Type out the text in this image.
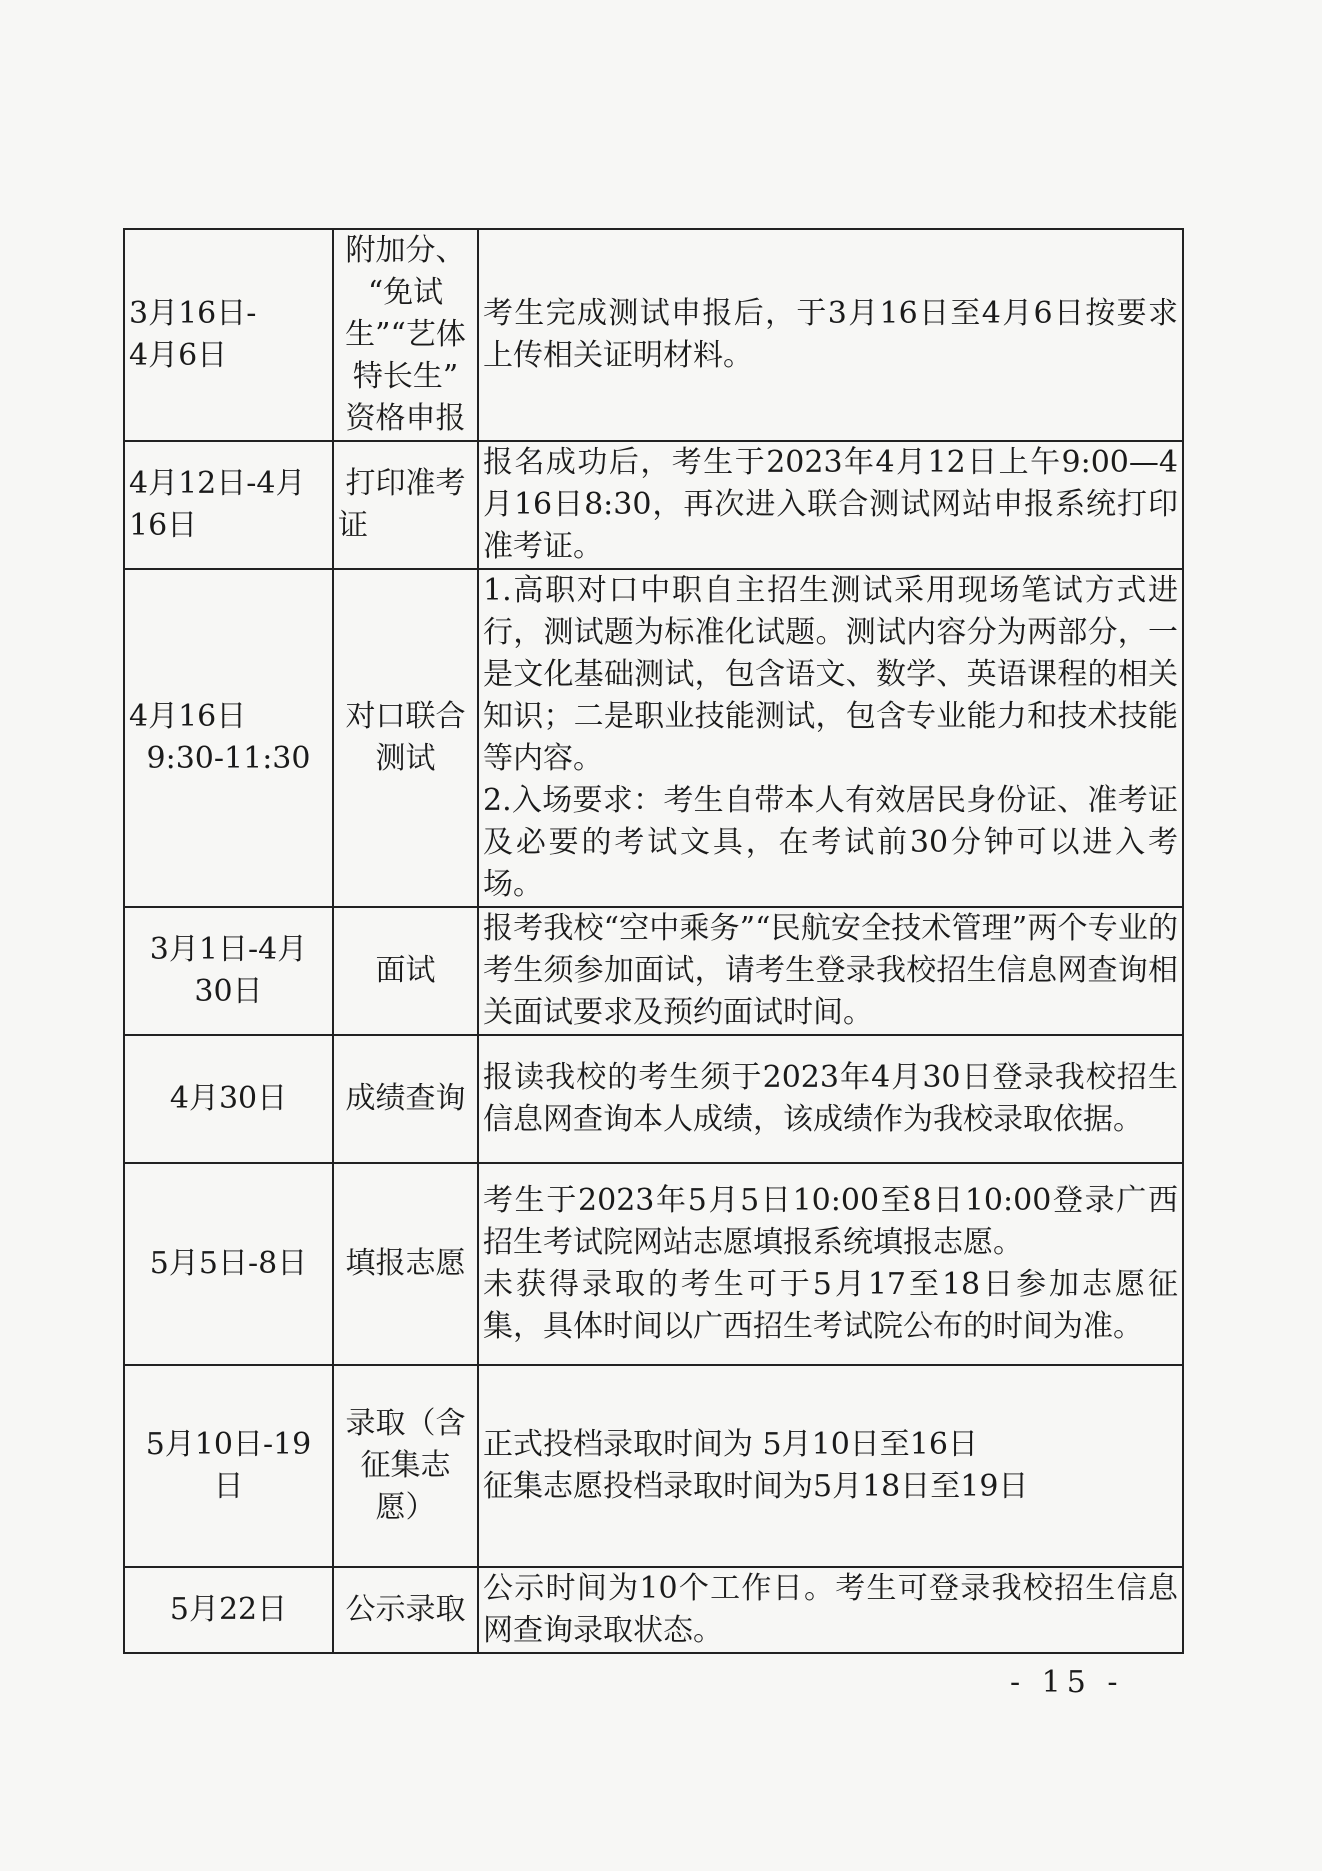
3月16日-
4月6日	附加分、
“免试
生”“艺体
特长生”
资格申报	考生完成测试申报后，于3月16日至4月6日按要求上传相关证明材料。

4月12日-4月
16日	打印准考
证	报名成功后，考生于2023年4月12日上午9:00—4月16日8:30，再次进入联合测试网站申报系统打印准考证。

4月16日
9:30-11:30	对口联合
测试	1.高职对口中职自主招生测试采用现场笔试方式进行，测试题为标准化试题。测试内容分为两部分，一是文化基础测试，包含语文、数学、英语课程的相关知识；二是职业技能测试，包含专业能力和技术技能等内容。
2.入场要求：考生自带本人有效居民身份证、准考证及必要的考试文具，在考试前30分钟可以进入考场。

3月1日-4月
30日	面试	报考我校“空中乘务”“民航安全技术管理”两个专业的考生须参加面试，请考生登录我校招生信息网查询相关面试要求及预约面试时间。

4月30日	成绩查询	报读我校的考生须于2023年4月30日登录我校招生信息网查询本人成绩，该成绩作为我校录取依据。

5月5日-8日	填报志愿	考生于2023年5月5日10:00至8日10:00登录广西招生考试院网站志愿填报系统填报志愿。
未获得录取的考生可于5月17至18日参加志愿征集，具体时间以广西招生考试院公布的时间为准。

5月10日-19
日	录取（含
征集志
愿）	正式投档录取时间为 5月10日至16日
征集志愿投档录取时间为5月18日至19日

5月22日	公示录取	公示时间为10个工作日。考生可登录我校招生信息网查询录取状态。
- 15 -
